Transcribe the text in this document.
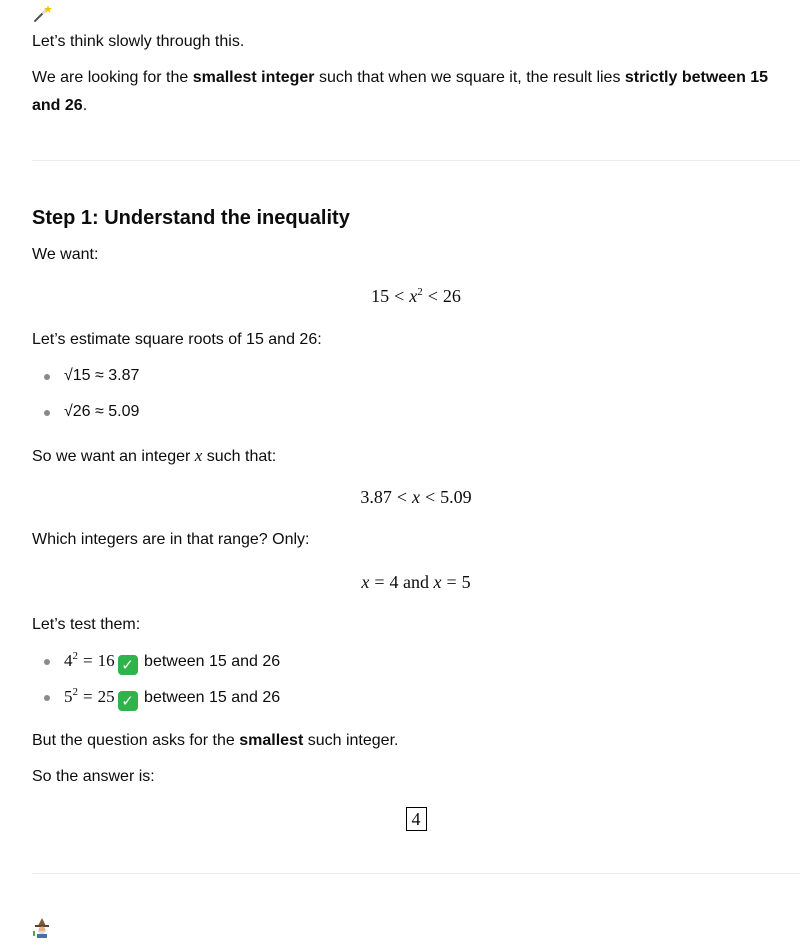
Let’s think slowly through this.

We are looking for the smallest integer such that when we square it, the result lies strictly between 15 and 26.

Step 1: Understand the inequality

We want:

$15 < x^2 < 26$

Let’s estimate square roots of 15 and 26:

√15 ≈ 3.87
√26 ≈ 5.09

So we want an integer x such that:

3.87 < x < 5.09

Which integers are in that range? Only:

x = 4 and x = 5

Let’s test them:

$4^2 = 16$ ✓ between 15 and 26
$5^2 = 25$ ✓ between 15 and 26

But the question asks for the smallest such integer.

So the answer is:

4
